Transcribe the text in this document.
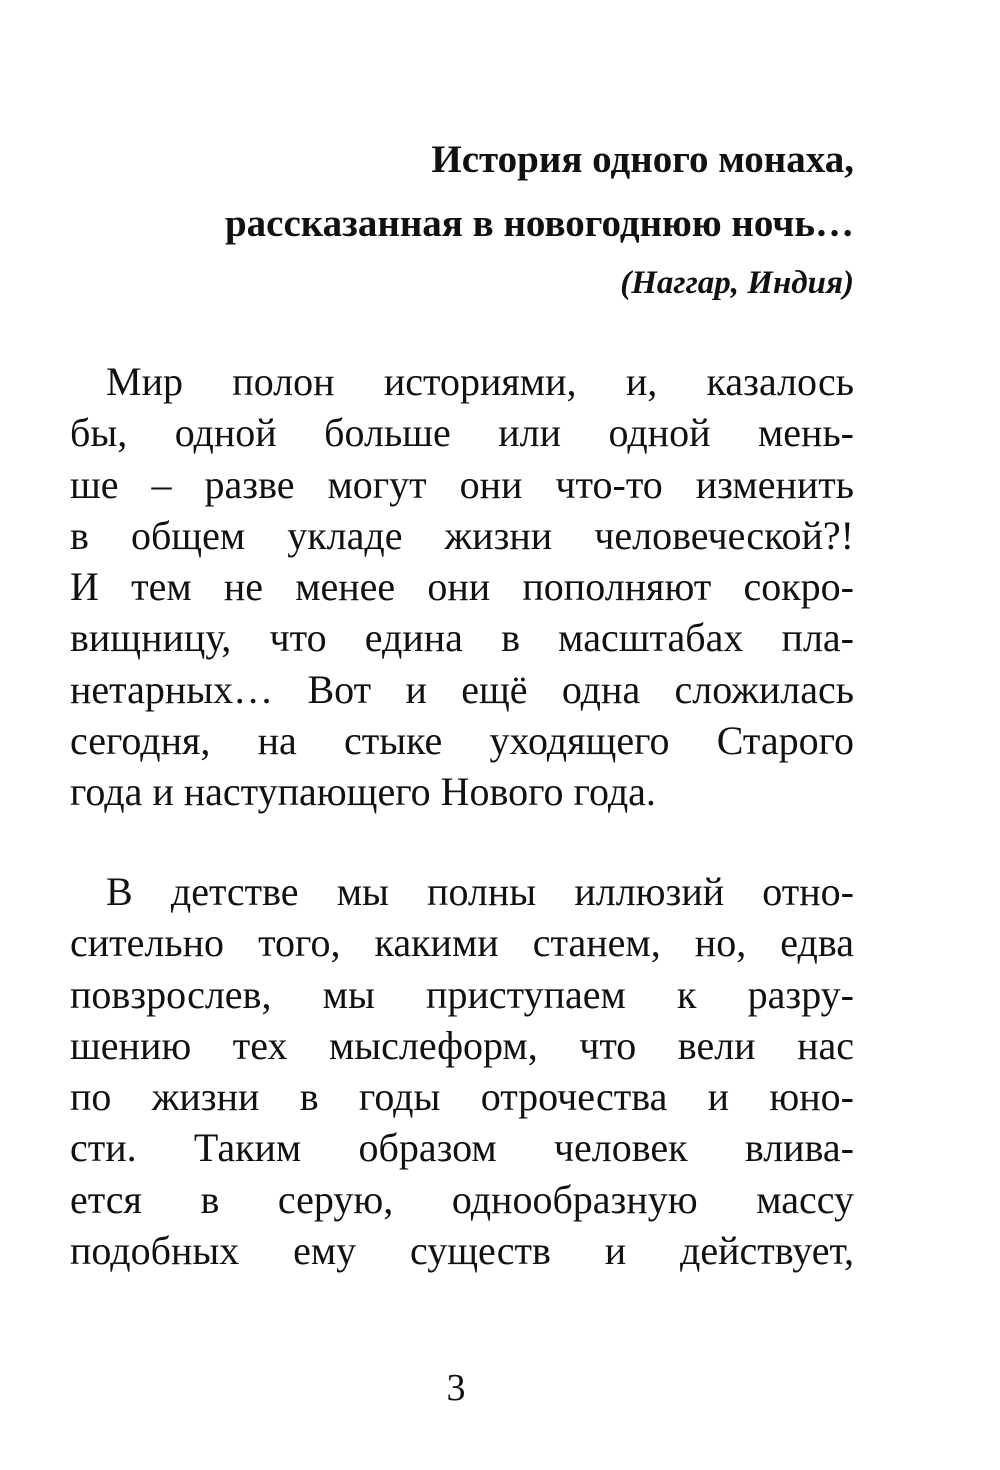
История одного монаха,
рассказанная в новогоднюю ночь…
(Наггар, Индия)
Мир полон историями, и, казалось
бы, одной больше или одной мень-
ше – разве могут они что-то изменить
в общем укладе жизни человеческой?!
И тем не менее они пополняют сокро-
вищницу, что едина в масштабах пла-
нетарных… Вот и ещё одна сложилась
сегодня, на стыке уходящего Старого
года и наступающего Нового года.
В детстве мы полны иллюзий отно-
сительно того, какими станем, но, едва
повзрослев, мы приступаем к разру-
шению тех мыслеформ, что вели нас
по жизни в годы отрочества и юно-
сти. Таким образом человек влива-
ется в серую, однообразную массу
подобных ему существ и действует,
3
